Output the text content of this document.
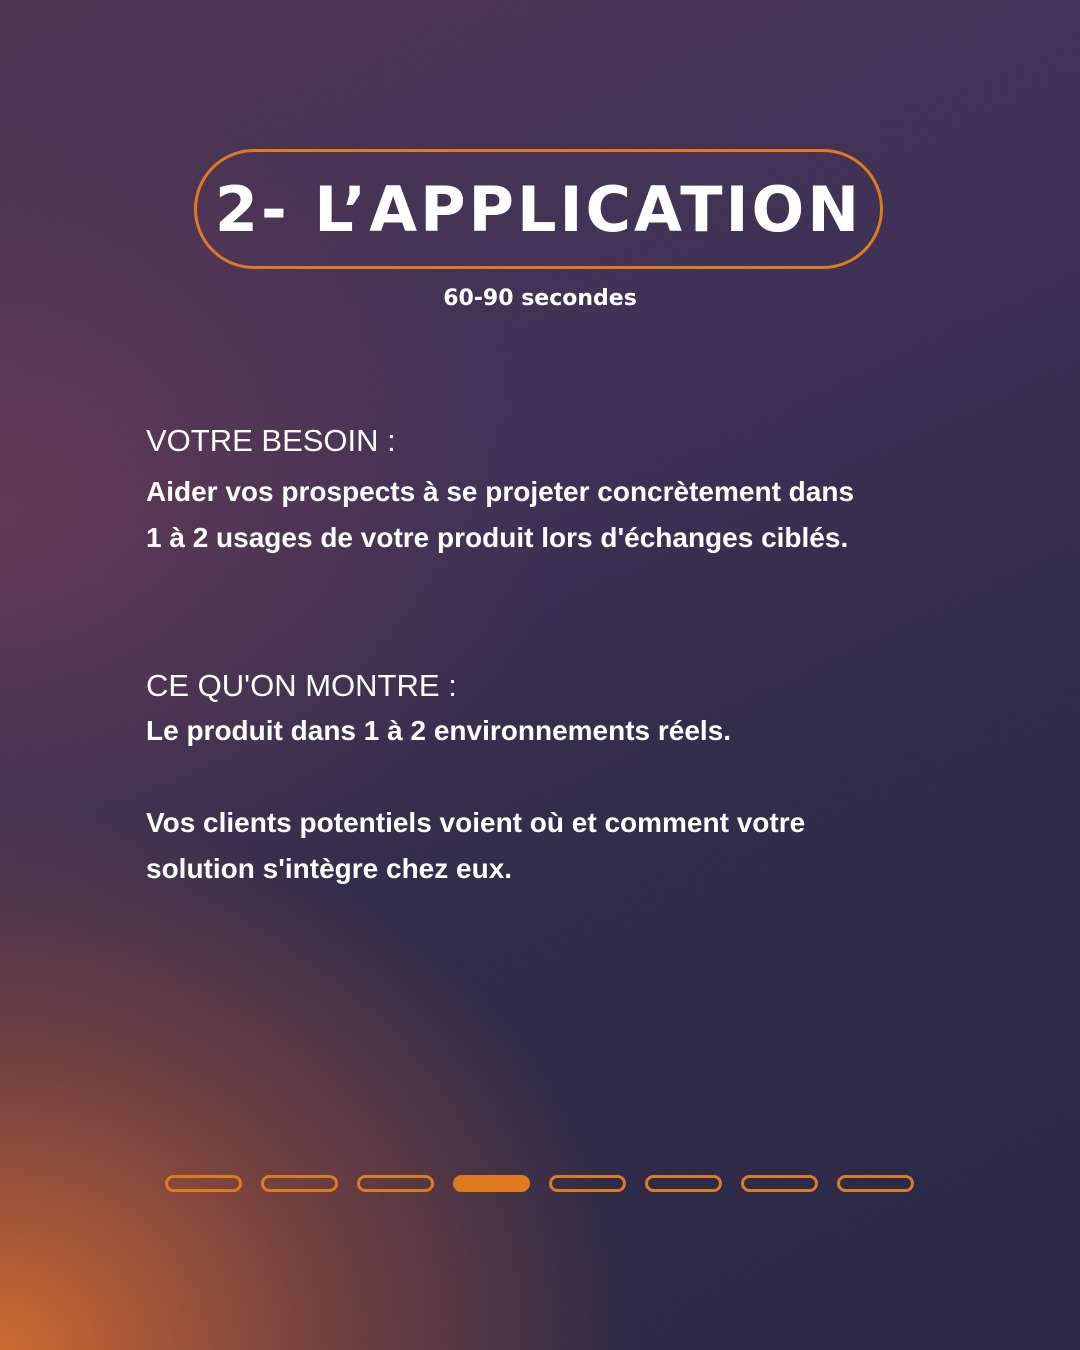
2- L’APPLICATION
60-90 secondes
VOTRE BESOIN :
Aider vos prospects à se projeter concrètement dans
1 à 2 usages de votre produit lors d'échanges ciblés.
CE QU'ON MONTRE :
Le produit dans 1 à 2 environnements réels.
Vos clients potentiels voient où et comment votre
solution s'intègre chez eux.
